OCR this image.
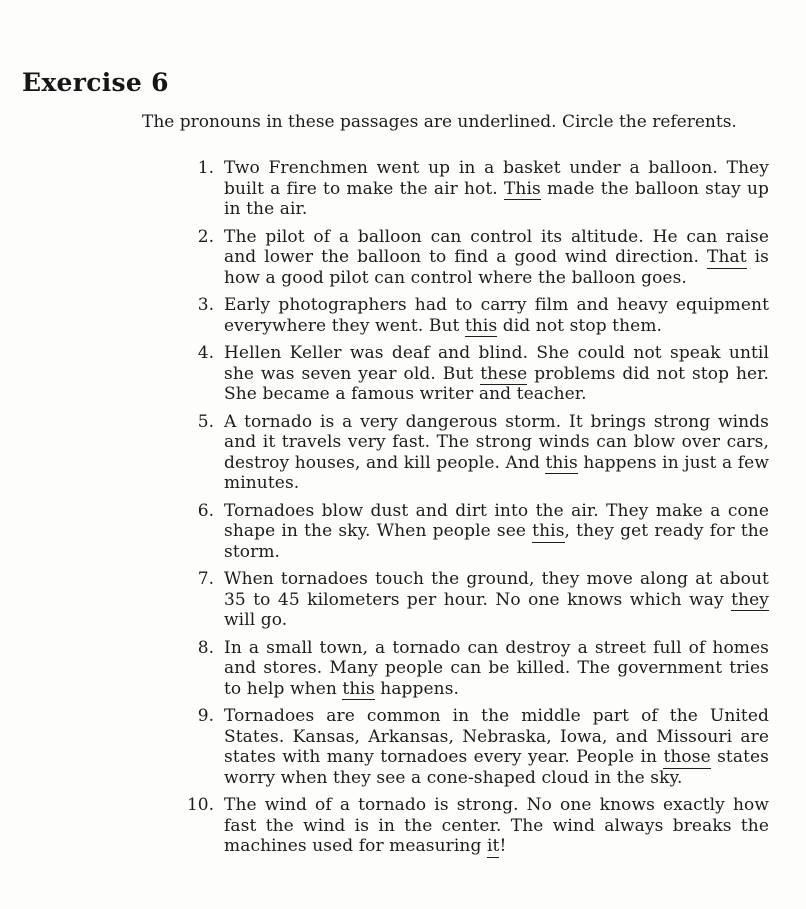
Exercise 6
The pronouns in these passages are underlined. Circle the referents.
1. Two Frenchmen went up in a basket under a balloon. They built a fire to make the air hot. This made the balloon stay up in the air.
2. The pilot of a balloon can control its altitude. He can raise and lower the balloon to find a good wind direction. That is how a good pilot can control where the balloon goes.
3. Early photographers had to carry film and heavy equipment everywhere they went. But this did not stop them.
4. Hellen Keller was deaf and blind. She could not speak until she was seven year old. But these problems did not stop her. She became a famous writer and teacher.
5. A tornado is a very dangerous storm. It brings strong winds and it travels very fast. The strong winds can blow over cars, destroy houses, and kill people. And this happens in just a few minutes.
6. Tornadoes blow dust and dirt into the air. They make a cone shape in the sky. When people see this, they get ready for the storm.
7. When tornadoes touch the ground, they move along at about 35 to 45 kilometers per hour. No one knows which way they will go.
8. In a small town, a tornado can destroy a street full of homes and stores. Many people can be killed. The government tries to help when this happens.
9. Tornadoes are common in the middle part of the United States. Kansas, Arkansas, Nebraska, Iowa, and Missouri are states with many tornadoes every year. People in those states worry when they see a cone-shaped cloud in the sky.
10. The wind of a tornado is strong. No one knows exactly how fast the wind is in the center. The wind always breaks the machines used for measuring it!
